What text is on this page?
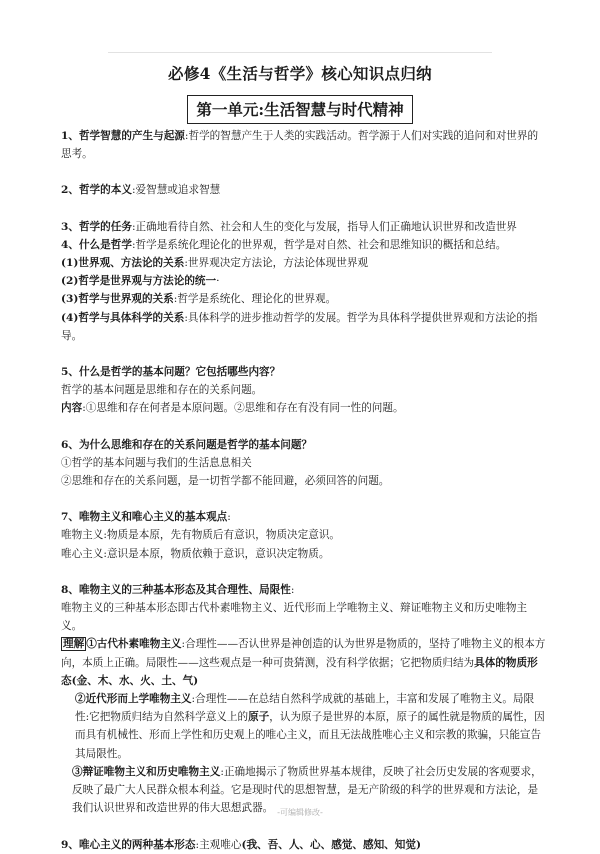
必修4《生活与哲学》核心知识点归纳
第一单元:生活智慧与时代精神

1、哲学智慧的产生与起源:哲学的智慧产生于人类的实践活动。哲学源于人们对实践的追问和对世界的思考。

2、哲学的本义:爱智慧或追求智慧

3、哲学的任务:正确地看待自然、社会和人生的变化与发展，指导人们正确地认识世界和改造世界

4、什么是哲学:哲学是系统化理论化的世界观，哲学是对自然、社会和思维知识的概括和总结。

(1)世界观、方法论的关系:世界观决定方法论，方法论体现世界观

(2)哲学是世界观与方法论的统一·

(3)哲学与世界观的关系:哲学是系统化、理论化的世界观。

(4)哲学与具体科学的关系:具体科学的进步推动哲学的发展。哲学为具体科学提供世界观和方法论的指导。

5、什么是哲学的基本问题？它包括哪些内容？

哲学的基本问题是思维和存在的关系问题。

内容:①思维和存在何者是本原问题。②思维和存在有没有同一性的问题。

6、为什么思维和存在的关系问题是哲学的基本问题？

①哲学的基本问题与我们的生活息息相关

②思维和存在的关系问题，是一切哲学都不能回避，必须回答的问题。

7、唯物主义和唯心主义的基本观点:

唯物主义:物质是本原，先有物质后有意识，物质决定意识。

唯心主义:意识是本原，物质依赖于意识，意识决定物质。

8、唯物主义的三种基本形态及其合理性、局限性:

唯物主义的三种基本形态即古代朴素唯物主义、近代形而上学唯物主义、辩证唯物主义和历史唯物主义。

理解 ①古代朴素唯物主义:合理性——否认世界是神创造的认为世界是物质的，坚持了唯物主义的根本方向，本质上正确。局限性——这些观点是一种可贵猜测，没有科学依据；它把物质归结为具体的物质形态(金、木、水、火、土、气)

②近代形而上学唯物主义:合理性——在总结自然科学成就的基础上，丰富和发展了唯物主义。局限性:它把物质归结为自然科学意义上的原子，认为原子是世界的本原，原子的属性就是物质的属性，因而具有机械性、形而上学性和历史观上的唯心主义，而且无法战胜唯心主义和宗教的欺骗，只能宣告其局限性。

③辩证唯物主义和历史唯物主义:正确地揭示了物质世界基本规律，反映了社会历史发展的客观要求，反映了最广大人民群众根本利益。它是现时代的思想智慧，是无产阶级的科学的世界观和方法论，是我们认识世界和改造世界的伟大思想武器。

9、唯心主义的两种基本形态:主观唯心(我、吾、人、心、感觉、感知、知觉)

-可编辑修改-
